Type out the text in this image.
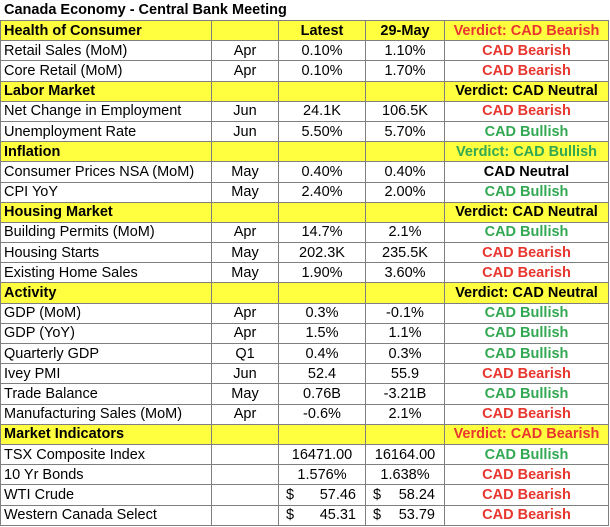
Canada Economy - Central Bank Meeting
Health of Consumer		Latest	29-May	Verdict: CAD Bearish
Retail Sales (MoM)	Apr	0.10%	1.10%	CAD Bearish
Core Retail (MoM)	Apr	0.10%	1.70%	CAD Bearish
Labor Market				Verdict: CAD Neutral
Net Change in Employment	Jun	24.1K	106.5K	CAD Bearish
Unemployment Rate	Jun	5.50%	5.70%	CAD Bullish
Inflation				Verdict: CAD Bullish
Consumer Prices NSA (MoM)	May	0.40%	0.40%	CAD Neutral
CPI YoY	May	2.40%	2.00%	CAD Bullish
Housing Market				Verdict: CAD Neutral
Building Permits (MoM)	Apr	14.7%	2.1%	CAD Bullish
Housing Starts	May	202.3K	235.5K	CAD Bearish
Existing Home Sales	May	1.90%	3.60%	CAD Bearish
Activity				Verdict: CAD Neutral
GDP (MoM)	Apr	0.3%	-0.1%	CAD Bullish
GDP (YoY)	Apr	1.5%	1.1%	CAD Bullish
Quarterly GDP	Q1	0.4%	0.3%	CAD Bullish
Ivey PMI	Jun	52.4	55.9	CAD Bearish
Trade Balance	May	0.76B	-3.21B	CAD Bullish
Manufacturing Sales (MoM)	Apr	-0.6%	2.1%	CAD Bearish
Market Indicators				Verdict: CAD Bearish
TSX Composite Index		16471.00	16164.00	CAD Bullish
10 Yr Bonds		1.576%	1.638%	CAD Bearish
WTI Crude		$ 57.46	$ 58.24	CAD Bearish
Western Canada Select		$ 45.31	$ 53.79	CAD Bearish
